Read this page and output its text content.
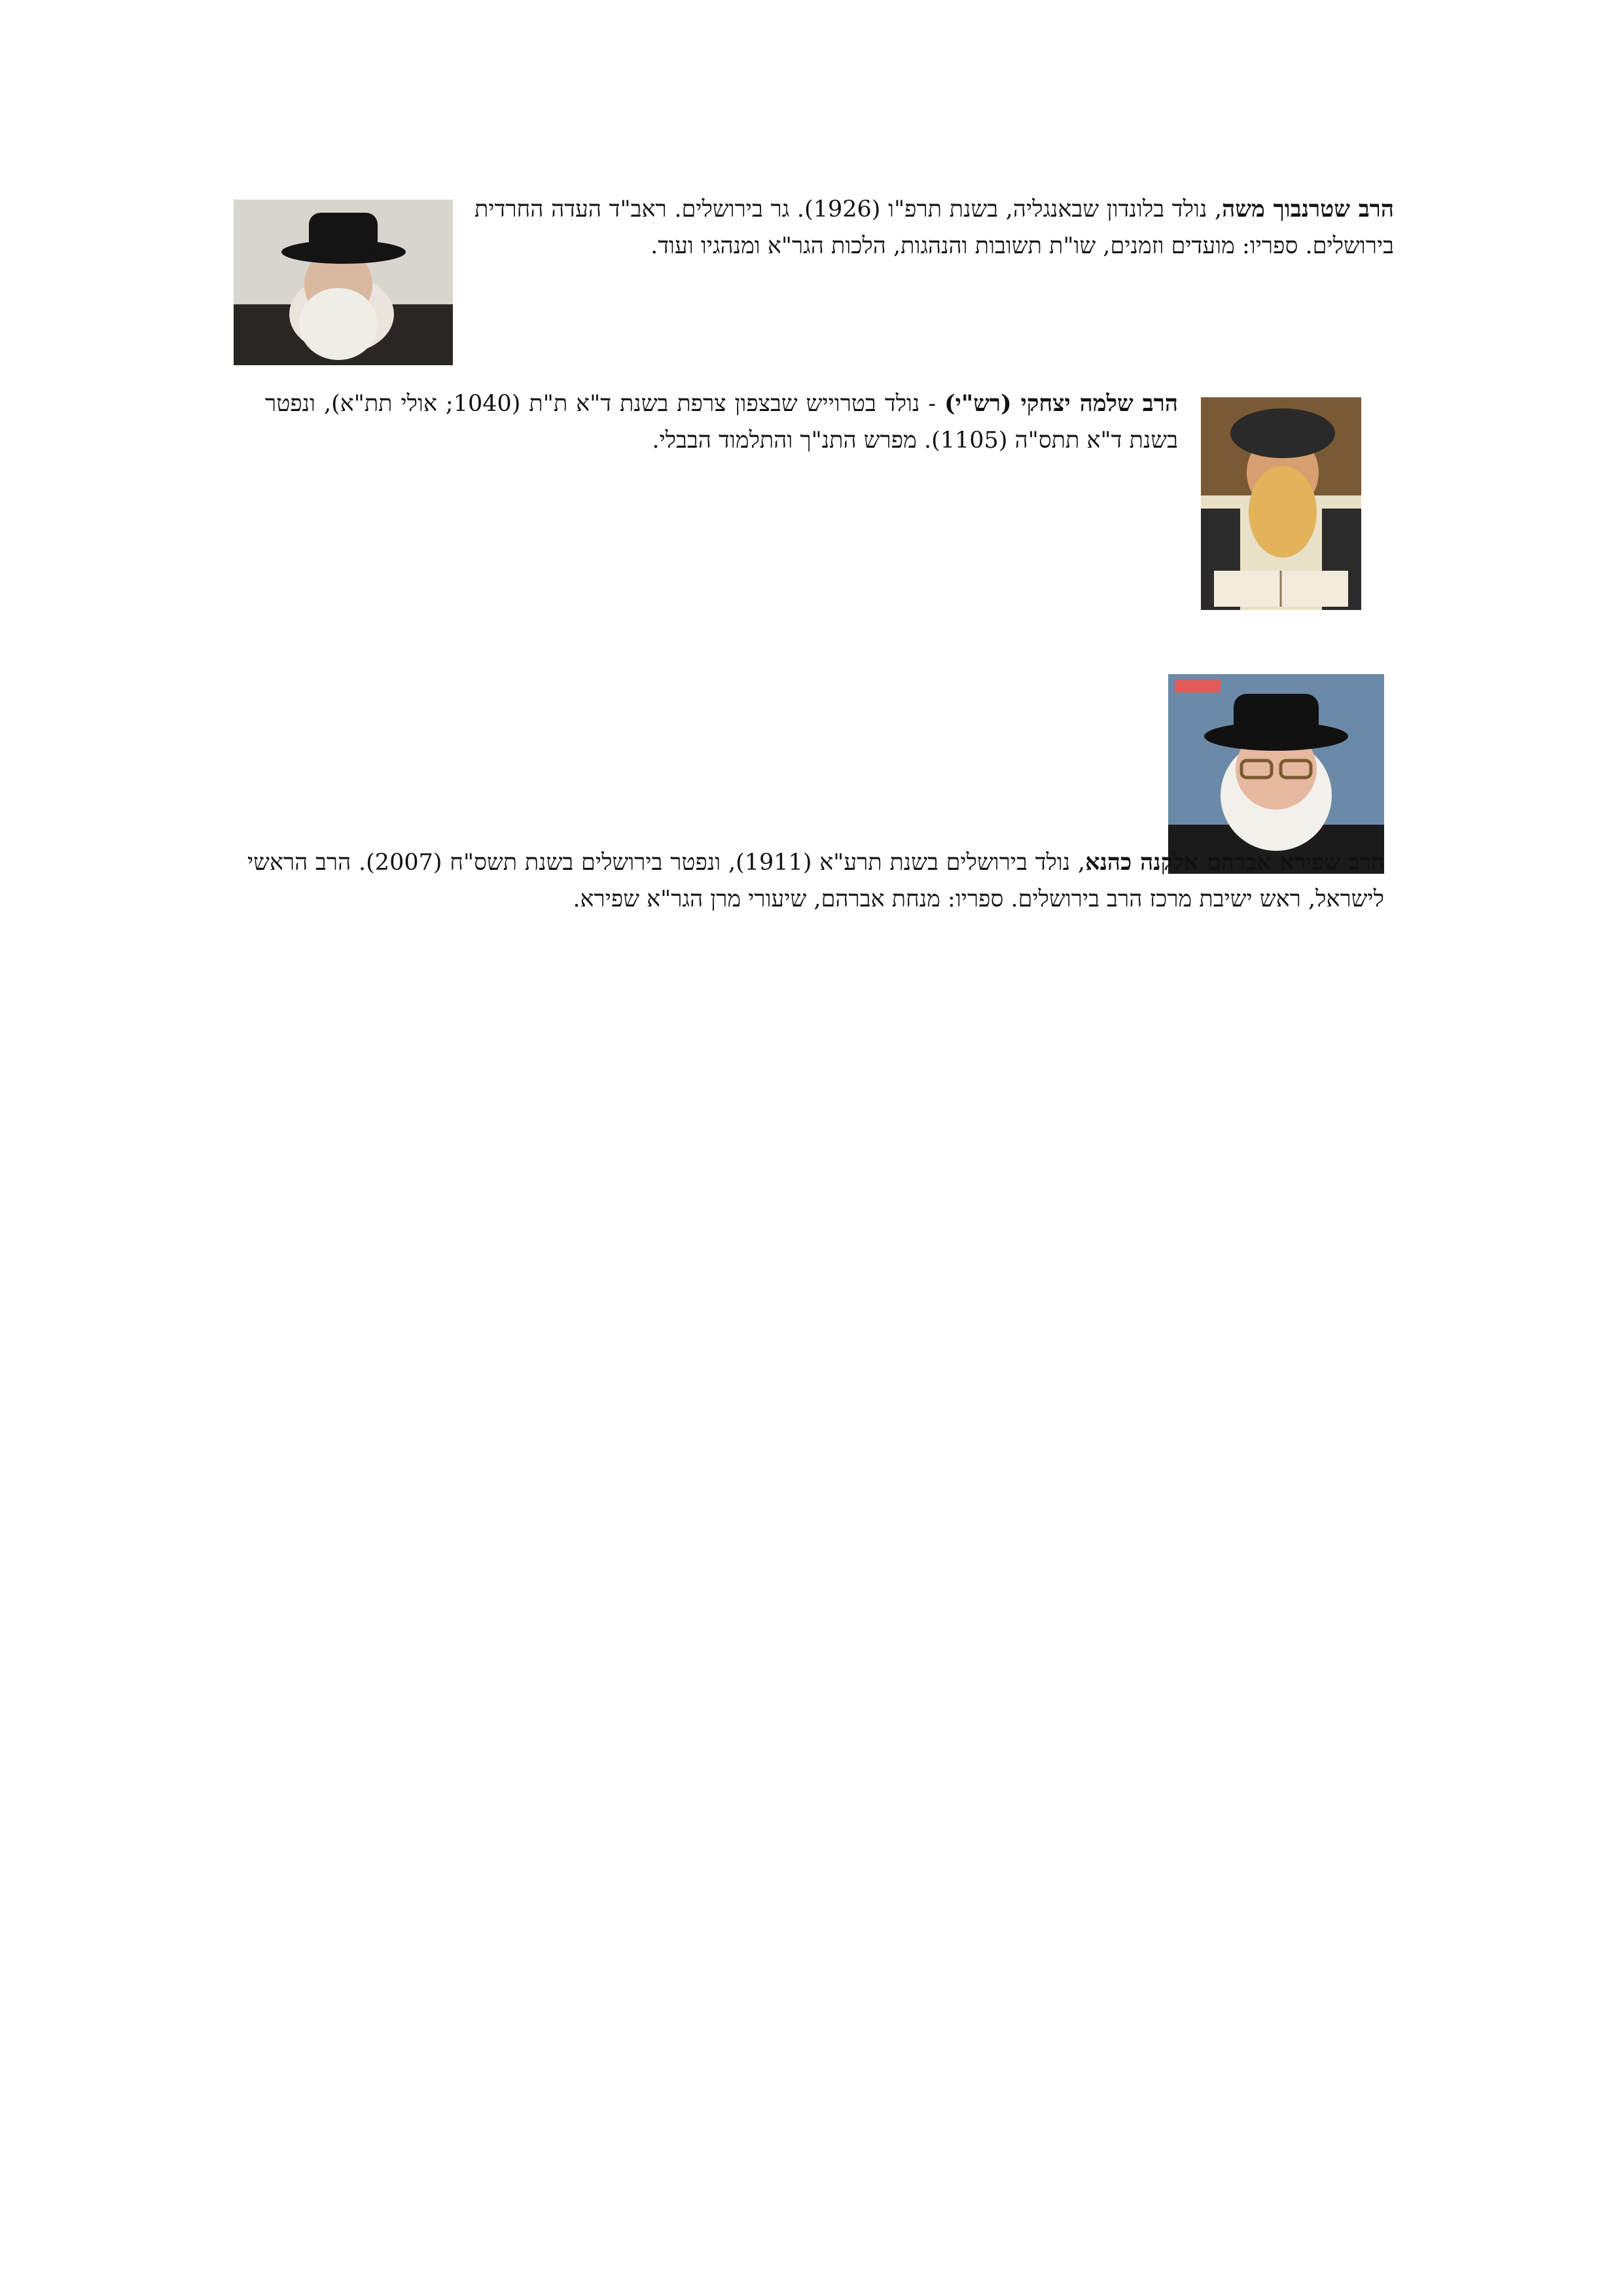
הרב שטרנבוך משה, נולד בלונדון שבאנגליה, בשנת תרפ"ו (1926). גר בירושלים. ראב"ד העדה החרדית בירושלים. ספריו: מועדים וזמנים, שו"ת תשובות והנהגות, הלכות הגר"א ומנהגיו ועוד.

הרב שלמה יצחקי (רש"י) - נולד בטרוייש שבצפון צרפת בשנת ד"א ת"ת (1040; אולי תת"א), ונפטר בשנת ד"א תתס"ה (1105). מפרש התנ"ך והתלמוד הבבלי.

הרב שפירא אברהם אלקנה כהנא, נולד בירושלים בשנת תרע"א (1911), ונפטר בירושלים בשנת תשס"ח (2007). הרב הראשי לישראל, ראש ישיבת מרכז הרב בירושלים. ספריו: מנחת אברהם, שיעורי מרן הגר"א שפירא.
